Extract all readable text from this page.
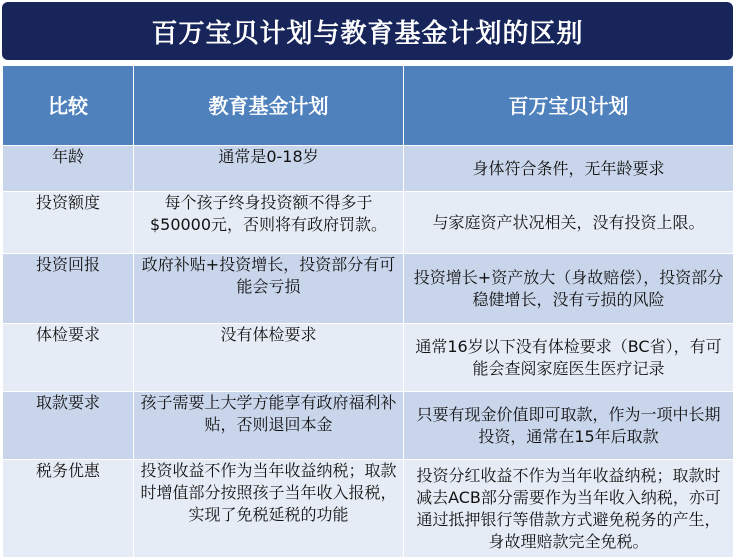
百万宝贝计划与教育基金计划的区别
比较	教育基金计划	百万宝贝计划
年龄	通常是0-18岁	身体符合条件，无年龄要求
投资额度	每个孩子终身投资额不得多于$50000元，否则将有政府罚款。	与家庭资产状况相关，没有投资上限。
投资回报	政府补贴+投资增长，投资部分有可能会亏损	投资增长+资产放大（身故赔偿），投资部分稳健增长，没有亏损的风险
体检要求	没有体检要求	通常16岁以下没有体检要求（BC省），有可能会查阅家庭医生医疗记录
取款要求	孩子需要上大学方能享有政府福利补贴，否则退回本金	只要有现金价值即可取款，作为一项中长期投资，通常在15年后取款
税务优惠	投资收益不作为当年收益纳税；取款时增值部分按照孩子当年收入报税，实现了免税延税的功能	投资分红收益不作为当年收益纳税；取款时减去ACB部分需要作为当年收入纳税，亦可通过抵押银行等借款方式避免税务的产生，身故理赔款完全免税。
